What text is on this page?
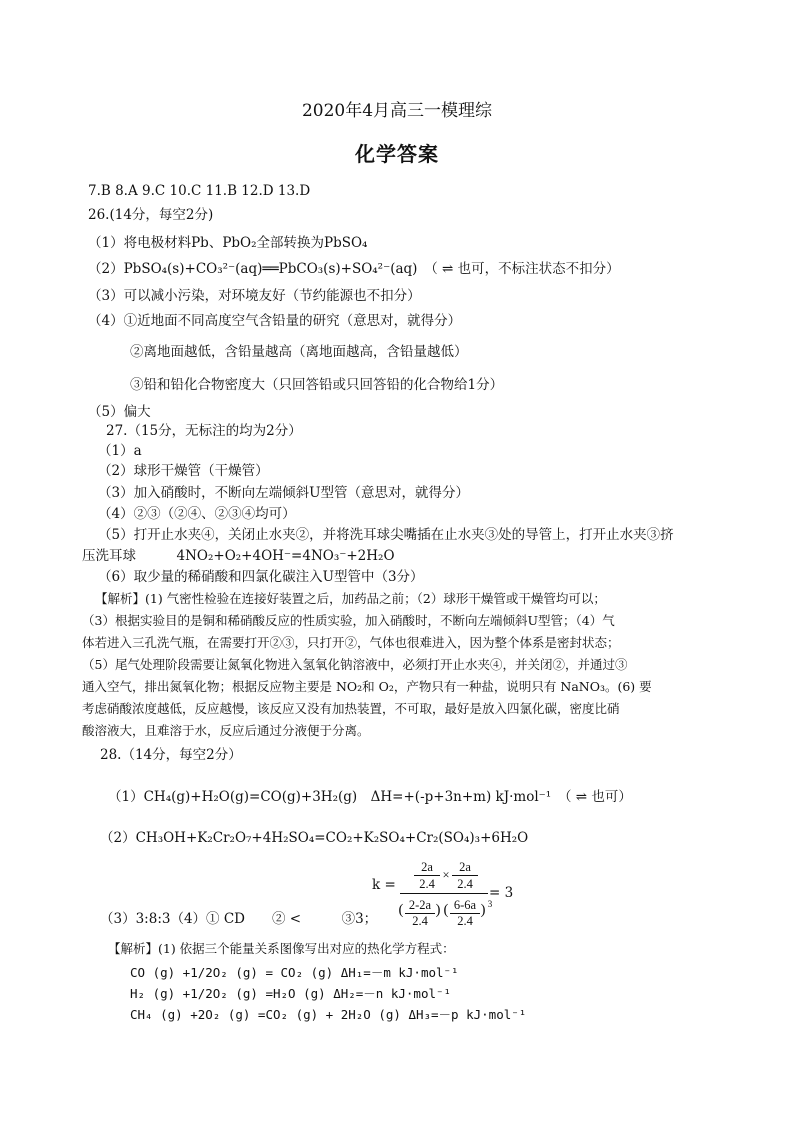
2020年4月高三一模理综
化学答案
7.B 8.A 9.C 10.C 11.B 12.D 13.D
26.(14分，每空2分)
（1）将电极材料Pb、PbO₂全部转换为PbSO₄
（2）PbSO₄(s)+CO₃²⁻(aq)══PbCO₃(s)+SO₄²⁻(aq)　（ ⇌ 也可，不标注状态不扣分）
（3）可以减小污染，对环境友好（节约能源也不扣分）
（4）①近地面不同高度空气含铅量的研究（意思对，就得分）
②离地面越低，含铅量越高（离地面越高，含铅量越低）
③铅和铅化合物密度大（只回答铅或只回答铅的化合物给1分）
（5）偏大
27.（15分，无标注的均为2分）
（1）a
（2）球形干燥管（干燥管）
（3）加入硝酸时，不断向左端倾斜U型管（意思对，就得分）
（4）②③（②④、②③④均可）
（5）打开止水夹④，关闭止水夹②，并将洗耳球尖嘴插在止水夹③处的导管上，打开止水夹③挤
压洗耳球　　　4NO₂+O₂+4OH⁻=4NO₃⁻+2H₂O
（6）取少量的稀硝酸和四氯化碳注入U型管中（3分）
【解析】(1) 气密性检验在连接好装置之后，加药品之前；（2）球形干燥管或干燥管均可以；
（3）根据实验目的是铜和稀硝酸反应的性质实验，加入硝酸时，不断向左端倾斜U型管；（4）气
体若进入三孔洗气瓶，在需要打开②③，只打开②，气体也很难进入，因为整个体系是密封状态；
（5）尾气处理阶段需要让氮氧化物进入氢氧化钠溶液中，必须打开止水夹④，并关闭②，并通过③
通入空气，排出氮氧化物；根据反应物主要是 NO₂和 O₂，产物只有一种盐，说明只有 NaNO₃。(6) 要
考虑硝酸浓度越低，反应越慢，该反应又没有加热装置，不可取，最好是放入四氯化碳，密度比硝
酸溶液大，且难溶于水，反应后通过分液便于分离。
28.（14分，每空2分）
（1）CH₄(g)+H₂O(g)=CO(g)+3H₂(g)　ΔH=+(-p+3n+m) kJ·mol⁻¹　（ ⇌ 也可）
（2）CH₃OH+K₂Cr₂O₇+4H₂SO₄=CO₂+K₂SO₄+Cr₂(SO₄)₃+6H₂O
k =
2a
2.4
×
2a
2.4
= 3
( 2-2a
2.4
) ( 6-6a
2.4
) 3
（3）3:8:3（4）① CD　　② <　　　③3；
【解析】(1) 依据三个能量关系图像写出对应的热化学方程式：
CO (g) +1/2O₂ (g) = CO₂ (g) ΔH₁=－m kJ·mol⁻¹
H₂ (g) +1/2O₂ (g) =H₂O (g) ΔH₂=－n kJ·mol⁻¹
CH₄ (g) +2O₂ (g) =CO₂ (g) + 2H₂O (g) ΔH₃=－p kJ·mol⁻¹
